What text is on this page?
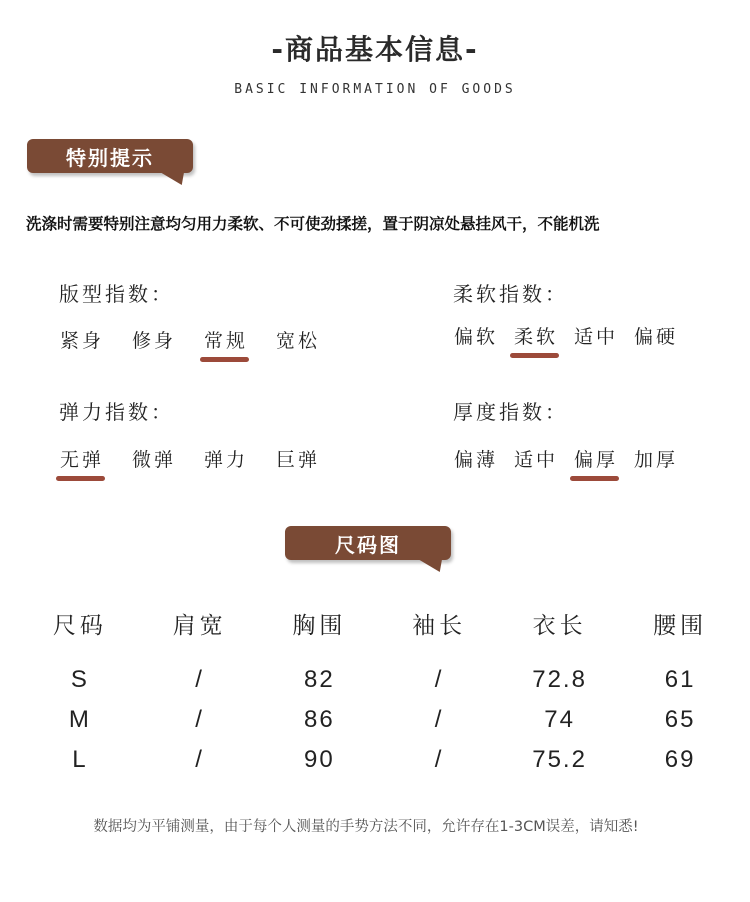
-商品基本信息-
BASIC INFORMATION OF GOODS
特别提示
洗涤时需要特别注意均匀用力柔软、不可使劲揉搓，置于阴凉处悬挂风干，不能机洗
版型指数：
紧身 修身 常规 宽松
柔软指数：
偏软 柔软 适中 偏硬
弹力指数：
无弹 微弹 弹力 巨弹
厚度指数：
偏薄 适中 偏厚 加厚
尺码图
尺码	肩宽	胸围	袖长	衣长	腰围

S	/	82	/	72.8	61
M	/	86	/	74	65
L	/	90	/	75.2	69
数据均为平铺测量，由于每个人测量的手势方法不同，允许存在1-3CM误差，请知悉!
